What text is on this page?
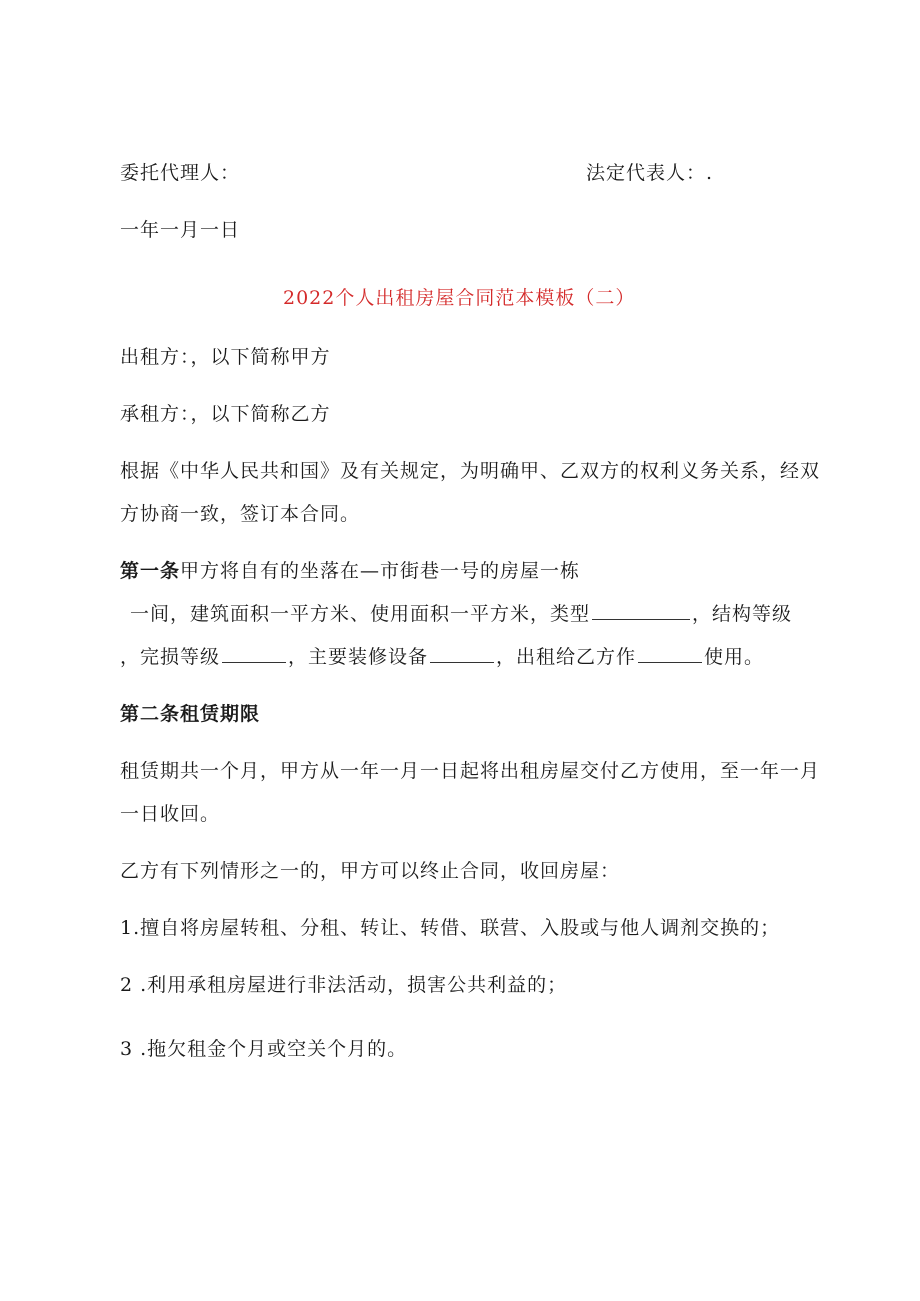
委托代理人：	法定代表人：.
一年一月一日
2022个人出租房屋合同范本模板（二）
出租方：，以下简称甲方
承租方：，以下简称乙方
根据《中华人民共和国》及有关规定，为明确甲、乙双方的权利义务关系，经双
方协商一致，签订本合同。
第一条甲方将自有的坐落在—市街巷一号的房屋一栋
一间，建筑面积一平方米、使用面积一平方米，类型	，结构等级
，完损等级	，主要装修设备	，出租给乙方作	使用。
第二条租赁期限
租赁期共一个月，甲方从一年一月一日起将出租房屋交付乙方使用，至一年一月
一日收回。
乙方有下列情形之一的，甲方可以终止合同，收回房屋：
1.擅自将房屋转租、分租、转让、转借、联营、入股或与他人调剂交换的；
2 .利用承租房屋进行非法活动，损害公共利益的；
3 .拖欠租金个月或空关个月的。
